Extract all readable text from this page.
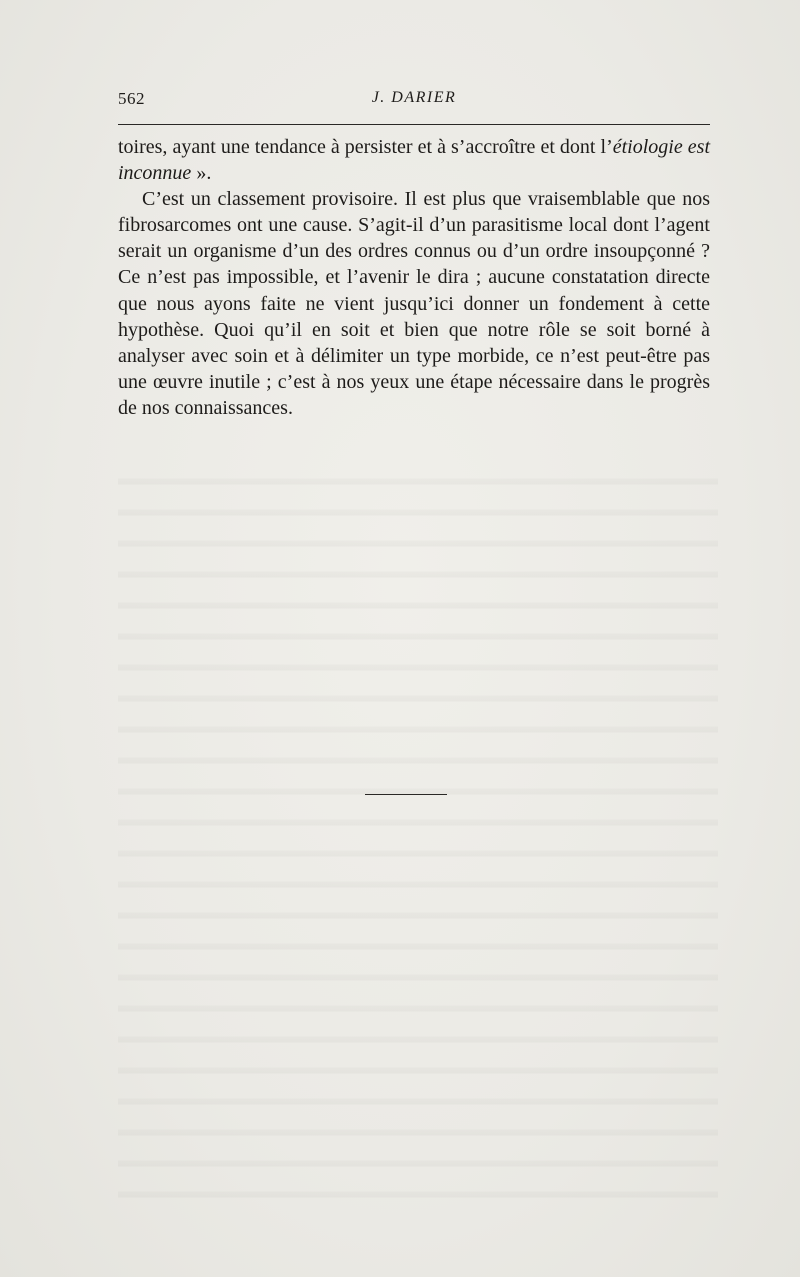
562	J. DARIER

toires, ayant une tendance à persister et à s’accroître et dont l’étiologie est inconnue ».

C’est un classement provisoire. Il est plus que vraisemblable que nos fibrosarcomes ont une cause. S’agit-il d’un parasitisme local dont l’agent serait un organisme d’un des ordres connus ou d’un ordre insoupçonné ? Ce n’est pas impossible, et l’avenir le dira ; aucune constatation directe que nous ayons faite ne vient jusqu’ici donner un fondement à cette hypothèse. Quoi qu’il en soit et bien que notre rôle se soit borné à analyser avec soin et à délimiter un type morbide, ce n’est peut-être pas une œuvre inutile ; c’est à nos yeux une étape nécessaire dans le progrès de nos connaissances.
